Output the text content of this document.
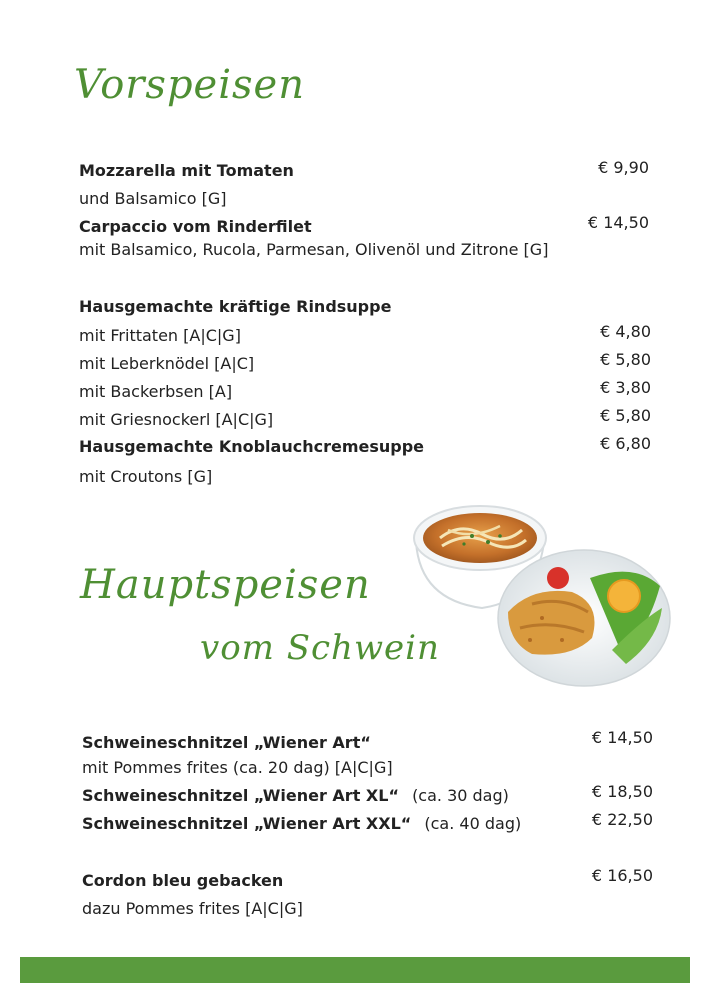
Vorspeisen
Mozzarella mit Tomaten	€ 9,90
und Balsamico [G]
Carpaccio vom Rinderfilet	€ 14,50
mit Balsamico, Rucola, Parmesan, Olivenöl und Zitrone [G]
Hausgemachte kräftige Rindsuppe
mit Frittaten [A|C|G]	€ 4,80
mit Leberknödel [A|C]	€ 5,80
mit Backerbsen [A]	€ 3,80
mit Griesnockerl [A|C|G]	€ 5,80
Hausgemachte Knoblauchcremesuppe	€ 6,80
mit Croutons [G]
Hauptspeisen
vom Schwein
Schweineschnitzel „Wiener Art“	€ 14,50
mit Pommes frites (ca. 20 dag) [A|C|G]
Schweineschnitzel „Wiener Art XL“ (ca. 30 dag)	€ 18,50
Schweineschnitzel „Wiener Art XXL“ (ca. 40 dag)	€ 22,50
Cordon bleu gebacken	€ 16,50
dazu Pommes frites [A|C|G]
